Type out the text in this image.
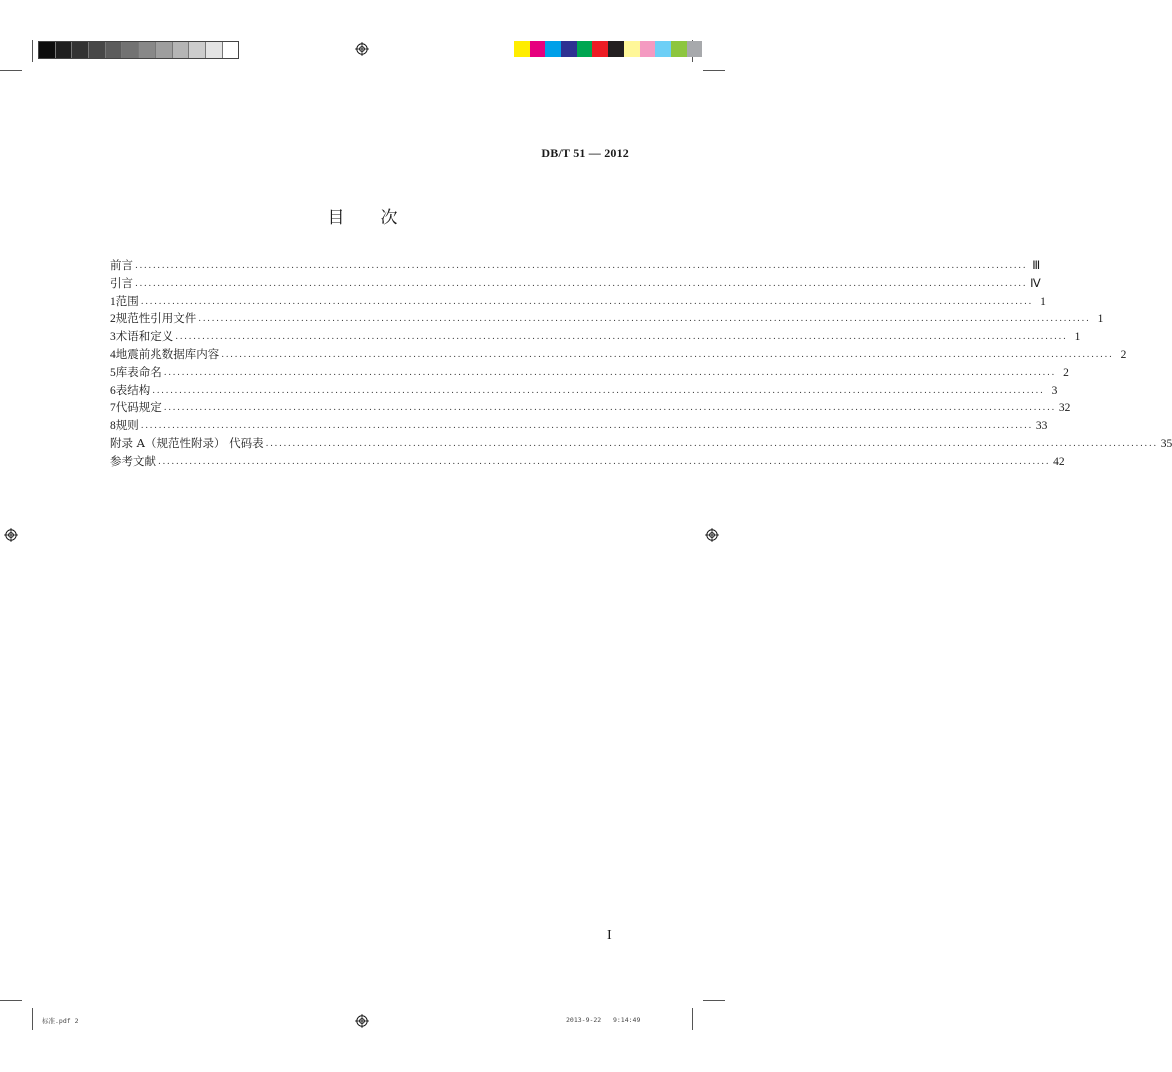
DB/T 51 — 2012
目 次
前言 ........................................................................................................................................................................................................ Ⅲ
引言 ........................................................................................................................................................................................................ Ⅳ
1 范围 ........................................................................................................................................................................................................ 1
2 规范性引用文件 ........................................................................................................................................................................................................ 1
3 术语和定义 ........................................................................................................................................................................................................ 1
4 地震前兆数据库内容 ........................................................................................................................................................................................................ 2
5 库表命名 ........................................................................................................................................................................................................ 2
6 表结构 ........................................................................................................................................................................................................ 3
7 代码规定 ........................................................................................................................................................................................................ 32
8 规则 ........................................................................................................................................................................................................ 33
附录 A（规范性附录） 代码表 ........................................................................................................................................................................................................ 35
参考文献 ........................................................................................................................................................................................................ 42
I
标准.pdf 2	2013-9-22   9:14:49
